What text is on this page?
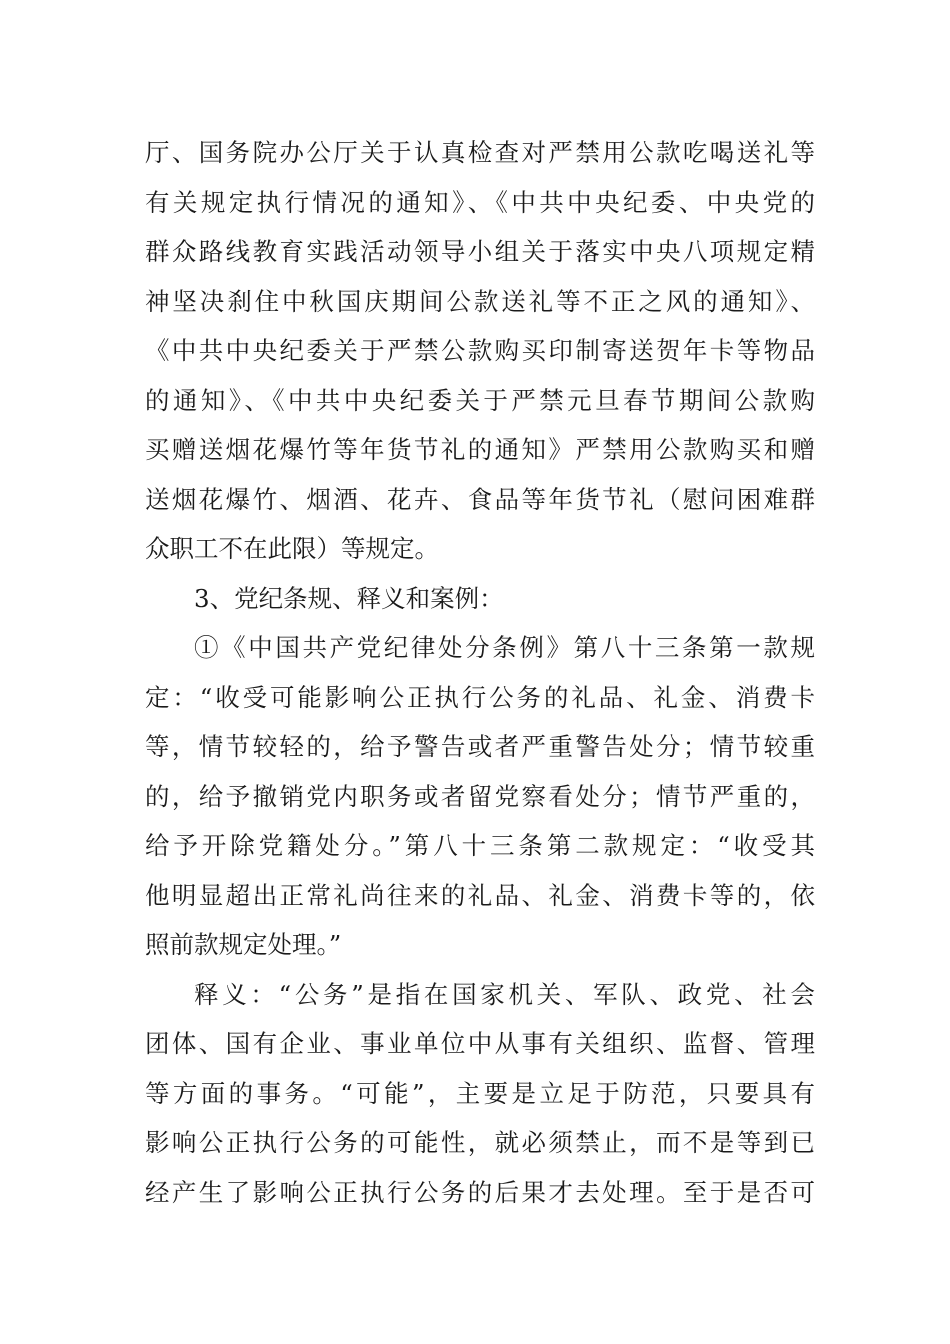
厅、国务院办公厅关于认真检查对严禁用公款吃喝送礼等
有关规定执行情况的通知》、《中共中央纪委、中央党的
群众路线教育实践活动领导小组关于落实中央八项规定精
神坚决刹住中秋国庆期间公款送礼等不正之风的通知》、
《中共中央纪委关于严禁公款购买印制寄送贺年卡等物品
的通知》、《中共中央纪委关于严禁元旦春节期间公款购
买赠送烟花爆竹等年货节礼的通知》严禁用公款购买和赠
送烟花爆竹、烟酒、花卉、食品等年货节礼（慰问困难群
众职工不在此限）等规定。
3、党纪条规、释义和案例：
①《中国共产党纪律处分条例》第八十三条第一款规
定：“收受可能影响公正执行公务的礼品、礼金、消费卡
等，情节较轻的，给予警告或者严重警告处分；情节较重
的，给予撤销党内职务或者留党察看处分；情节严重的，
给予开除党籍处分。”第八十三条第二款规定：“收受其
他明显超出正常礼尚往来的礼品、礼金、消费卡等的，依
照前款规定处理。”
释义：“公务”是指在国家机关、军队、政党、社会
团体、国有企业、事业单位中从事有关组织、监督、管理
等方面的事务。“可能”，主要是立足于防范，只要具有
影响公正执行公务的可能性，就必须禁止，而不是等到已
经产生了影响公正执行公务的后果才去处理。至于是否可
